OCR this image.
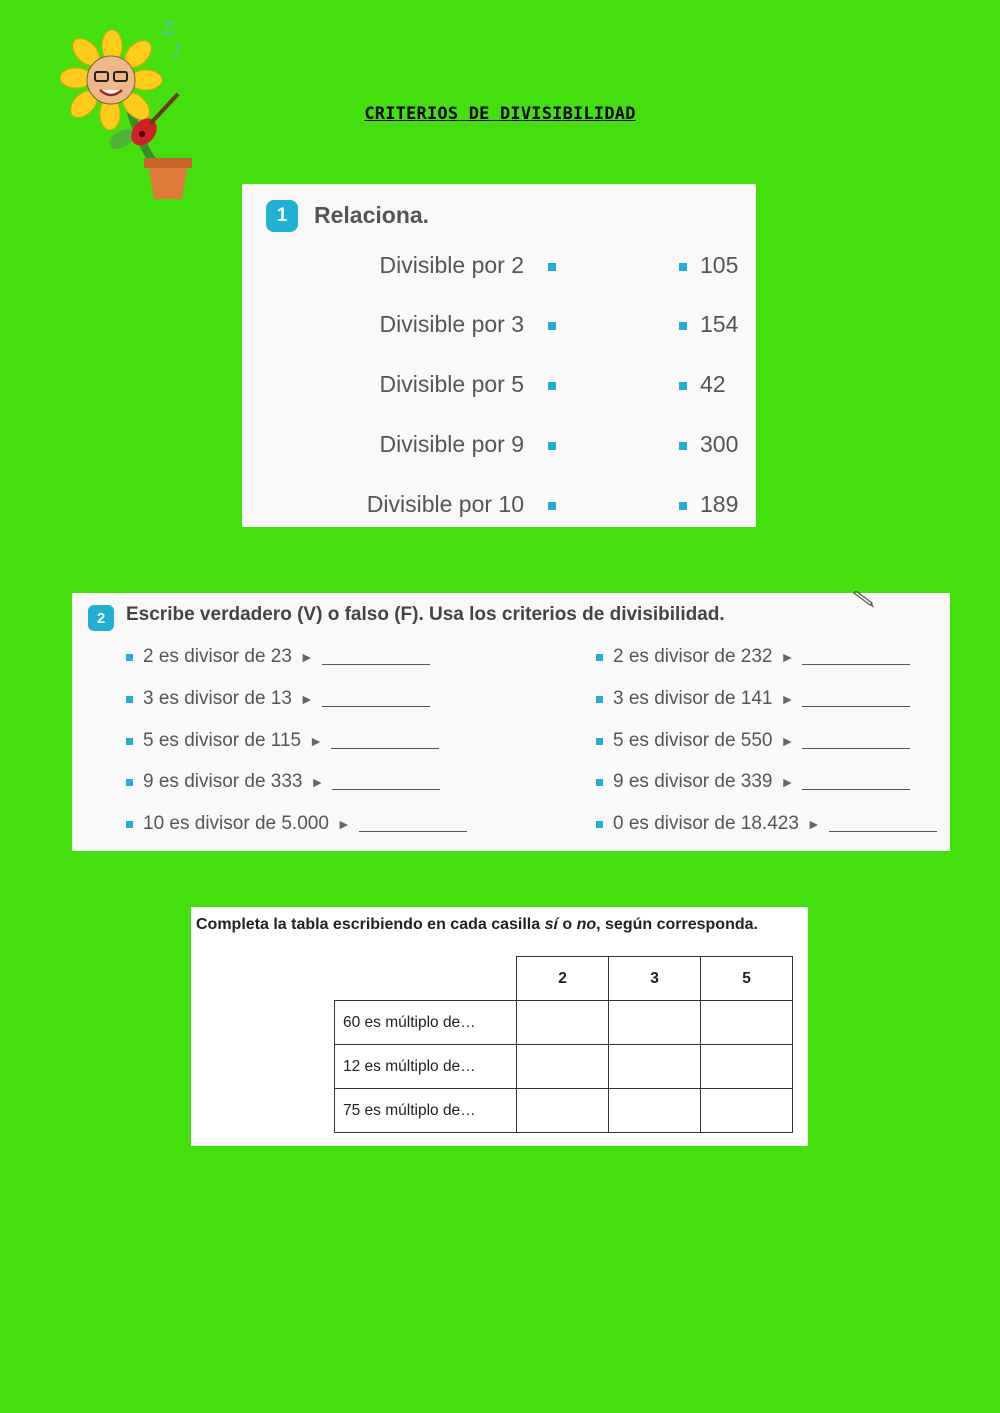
CRITERIOS DE DIVISIBILIDAD
♫
♪
1	Relaciona.
Divisible por 2	105
Divisible por 3	154
Divisible por 5	42
Divisible por 9	300
Divisible por 10	189
2	Escribe verdadero (V) o falso (F). Usa los criterios de divisibilidad.
2 es divisor de 23 ►
3 es divisor de 13 ►
5 es divisor de 115 ►
9 es divisor de 333 ►
10 es divisor de 5.000 ►
2 es divisor de 232 ►
3 es divisor de 141 ►
5 es divisor de 550 ►
9 es divisor de 339 ►
0 es divisor de 18.423 ►
Completa la tabla escribiendo en cada casilla sí o no, según corresponda.
	2	3	5
60 es múltiplo de…			
12 es múltiplo de…			
75 es múltiplo de…			
